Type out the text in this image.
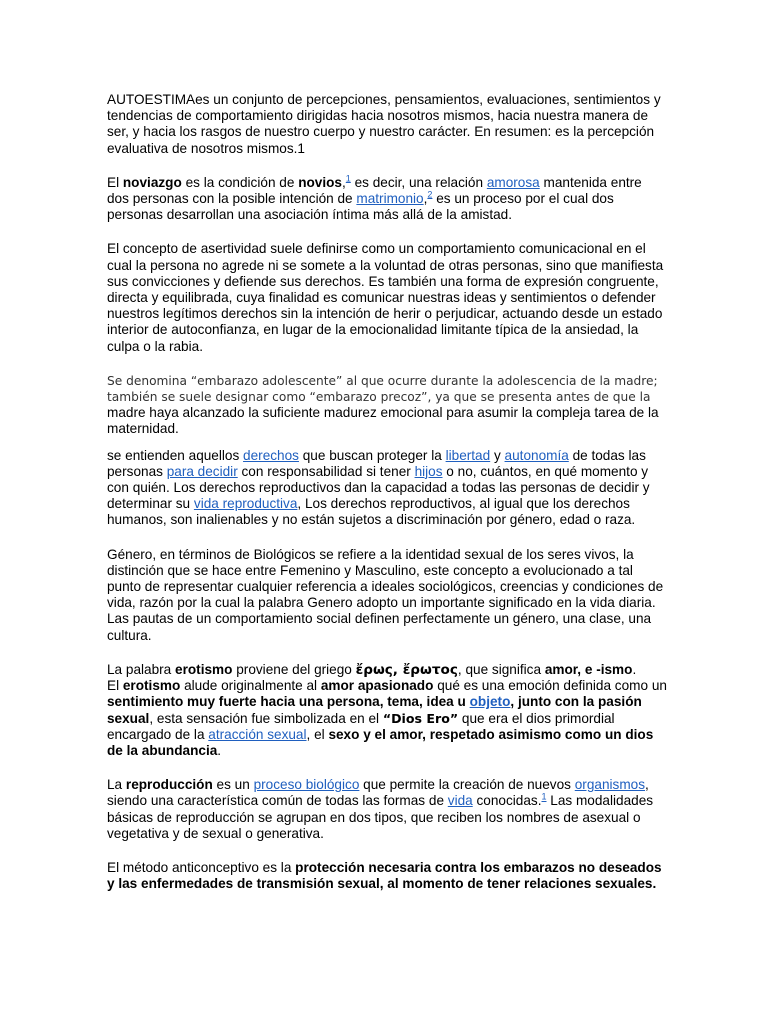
AUTOESTIMAes un conjunto de percepciones, pensamientos, evaluaciones, sentimientos y tendencias de comportamiento dirigidas hacia nosotros mismos, hacia nuestra manera de ser, y hacia los rasgos de nuestro cuerpo y nuestro carácter. En resumen: es la percepción evaluativa de nosotros mismos.1

El noviazgo es la condición de novios,$^1$ es decir, una relación amorosa mantenida entre dos personas con la posible intención de matrimonio,$^2$ es un proceso por el cual dos personas desarrollan una asociación íntima más allá de la amistad.

El concepto de asertividad suele definirse como un comportamiento comunicacional en el cual la persona no agrede ni se somete a la voluntad de otras personas, sino que manifiesta sus convicciones y defiende sus derechos. Es también una forma de expresión congruente, directa y equilibrada, cuya finalidad es comunicar nuestras ideas y sentimientos o defender nuestros legítimos derechos sin la intención de herir o perjudicar, actuando desde un estado interior de autoconfianza, en lugar de la emocionalidad limitante típica de la ansiedad, la culpa o la rabia.

Se denomina “embarazo adolescente” al que ocurre durante la adolescencia de la madre; también se suele designar como “embarazo precoz”, ya que se presenta antes de que la madre haya alcanzado la suficiente madurez emocional para asumir la compleja tarea de la maternidad.

se entienden aquellos derechos que buscan proteger la libertad y autonomía de todas las personas para decidir con responsabilidad si tener hijos o no, cuántos, en qué momento y con quién. Los derechos reproductivos dan la capacidad a todas las personas de decidir y determinar su vida reproductiva, Los derechos reproductivos, al igual que los derechos humanos, son inalienables y no están sujetos a discriminación por género, edad o raza.

Género, en términos de Biológicos se refiere a la identidad sexual de los seres vivos, la distinción que se hace entre Femenino y Masculino, este concepto a evolucionado a tal punto de representar cualquier referencia a ideales sociológicos, creencias y condiciones de vida, razón por la cual la palabra Genero adopto un importante significado en la vida diaria. Las pautas de un comportamiento social definen perfectamente un género, una clase, una cultura.

La palabra erotismo proviene del griego ἔρως, ἔρωτος, que significa amor, e -ismo.
El erotismo alude originalmente al amor apasionado qué es una emoción definida como un sentimiento muy fuerte hacia una persona, tema, idea u objeto, junto con la pasión sexual, esta sensación fue simbolizada en el “Dios Ero” que era el dios primordial encargado de la atracción sexual, el sexo y el amor, respetado asimismo como un dios de la abundancia.

La reproducción es un proceso biológico que permite la creación de nuevos organismos, siendo una característica común de todas las formas de vida conocidas.$^1$ Las modalidades básicas de reproducción se agrupan en dos tipos, que reciben los nombres de asexual o vegetativa y de sexual o generativa.

El método anticonceptivo es la protección necesaria contra los embarazos no deseados y las enfermedades de transmisión sexual, al momento de tener relaciones sexuales.
